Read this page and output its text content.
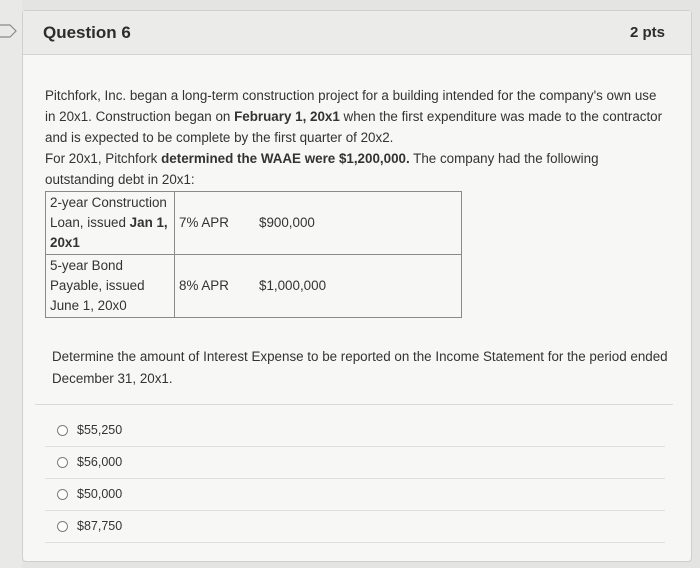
Question 6	2 pts

Pitchfork, Inc. began a long-term construction project for a building intended for the company's own use in 20x1. Construction began on February 1, 20x1 when the first expenditure was made to the contractor and is expected to be complete by the first quarter of 20x2.
For 20x1, Pitchfork determined the WAAE were $1,200,000. The company had the following outstanding debt in 20x1:

2-year Construction
Loan, issued Jan 1,
20x1	7% APR	$900,000
5-year Bond
Payable, issued
June 1, 20x0	8% APR	$1,000,000

Determine the amount of Interest Expense to be reported on the Income Statement for the period ended December 31, 20x1.

$55,250
$56,000
$50,000
$87,750
